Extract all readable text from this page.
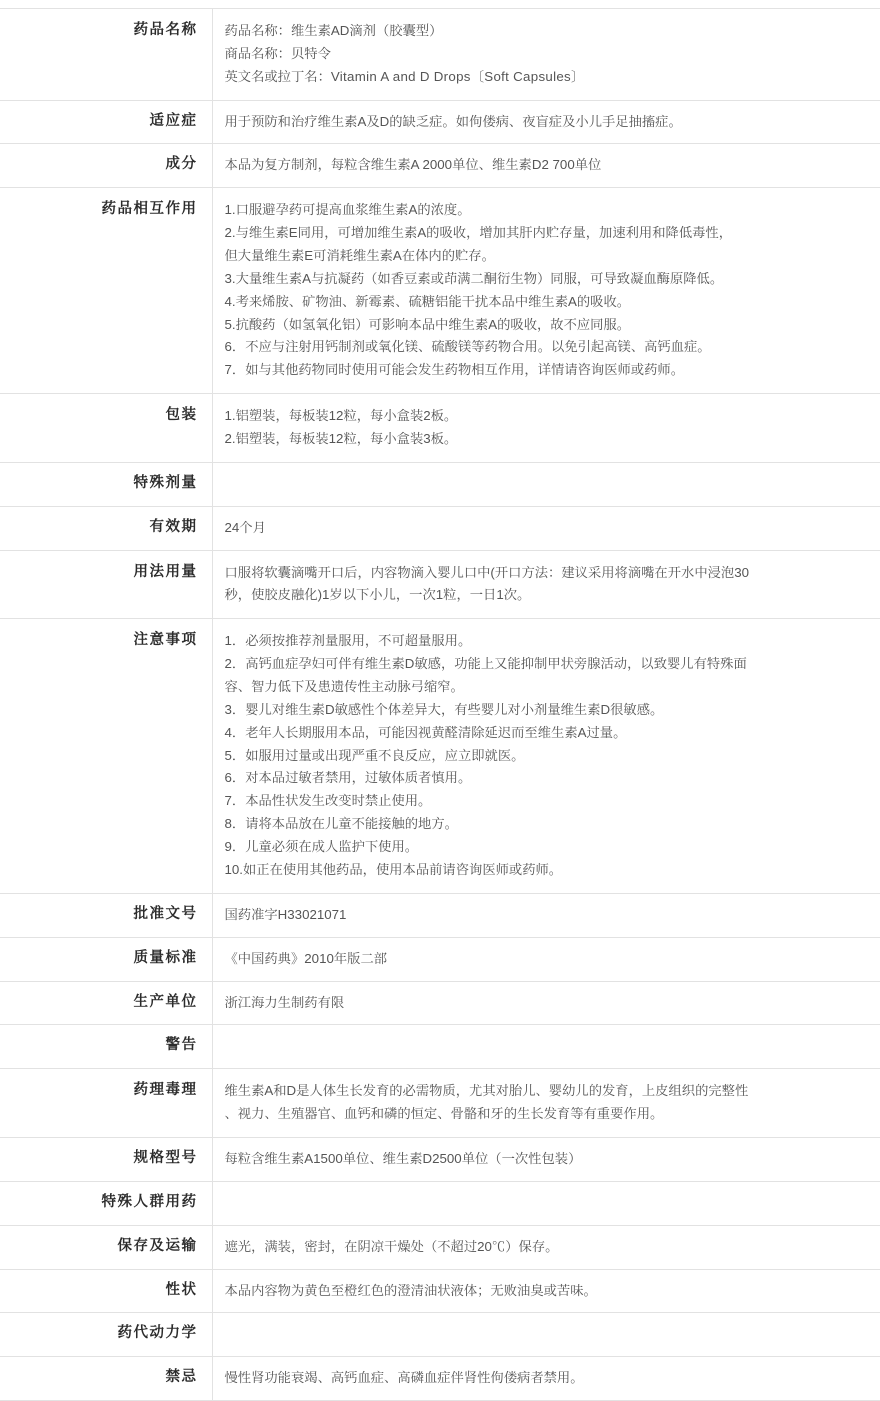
药品名称	药品名称：维生素AD滴剂（胶囊型）
商品名称：贝特令
英文名或拉丁名：Vitamin A and D Drops〔Soft Capsules〕

适应症	用于预防和治疗维生素A及D的缺乏症。如佝偻病、夜盲症及小儿手足抽搐症。

成分	本品为复方制剂，每粒含维生素A 2000单位、维生素D2 700单位

药品相互作用	1.口服避孕药可提高血浆维生素A的浓度。
2.与维生素E同用，可增加维生素A的吸收，增加其肝内贮存量，加速利用和降低毒性，
但大量维生素E可消耗维生素A在体内的贮存。
3.大量维生素A与抗凝药（如香豆素或茚满二酮衍生物）同服，可导致凝血酶原降低。
4.考来烯胺、矿物油、新霉素、硫糖铝能干扰本品中维生素A的吸收。
5.抗酸药（如氢氧化铝）可影响本品中维生素A的吸收，故不应同服。
6．不应与注射用钙制剂或氧化镁、硫酸镁等药物合用。以免引起高镁、高钙血症。
7．如与其他药物同时使用可能会发生药物相互作用，详情请咨询医师或药师。

包装	1.铝塑装，每板装12粒，每小盒装2板。
2.铝塑装，每板装12粒，每小盒装3板。

特殊剂量	

有效期	24个月

用法用量	口服将软囊滴嘴开口后，内容物滴入婴儿口中(开口方法：建议采用将滴嘴在开水中浸泡30
秒，使胶皮融化)1岁以下小儿，一次1粒，一日1次。

注意事项	1．必须按推荐剂量服用，不可超量服用。
2．高钙血症孕妇可伴有维生素D敏感，功能上又能抑制甲状旁腺活动，以致婴儿有特殊面
容、智力低下及患遗传性主动脉弓缩窄。
3．婴儿对维生素D敏感性个体差异大，有些婴儿对小剂量维生素D很敏感。
4．老年人长期服用本品，可能因视黄醛清除延迟而至维生素A过量。
5．如服用过量或出现严重不良反应，应立即就医。
6．对本品过敏者禁用，过敏体质者慎用。
7．本品性状发生改变时禁止使用。
8．请将本品放在儿童不能接触的地方。
9．儿童必须在成人监护下使用。
10.如正在使用其他药品，使用本品前请咨询医师或药师。

批准文号	国药准字H33021071

质量标准	《中国药典》2010年版二部

生产单位	浙江海力生制药有限

警告	

药理毒理	维生素A和D是人体生长发育的必需物质，尤其对胎儿、婴幼儿的发育，上皮组织的完整性
、视力、生殖器官、血钙和磷的恒定、骨骼和牙的生长发育等有重要作用。

规格型号	每粒含维生素A1500单位、维生素D2500单位（一次性包装）

特殊人群用药	

保存及运输	遮光，满装，密封，在阴凉干燥处（不超过20℃）保存。

性状	本品内容物为黄色至橙红色的澄清油状液体；无败油臭或苦味。

药代动力学	

禁忌	慢性肾功能衰竭、高钙血症、高磷血症伴肾性佝偻病者禁用。
